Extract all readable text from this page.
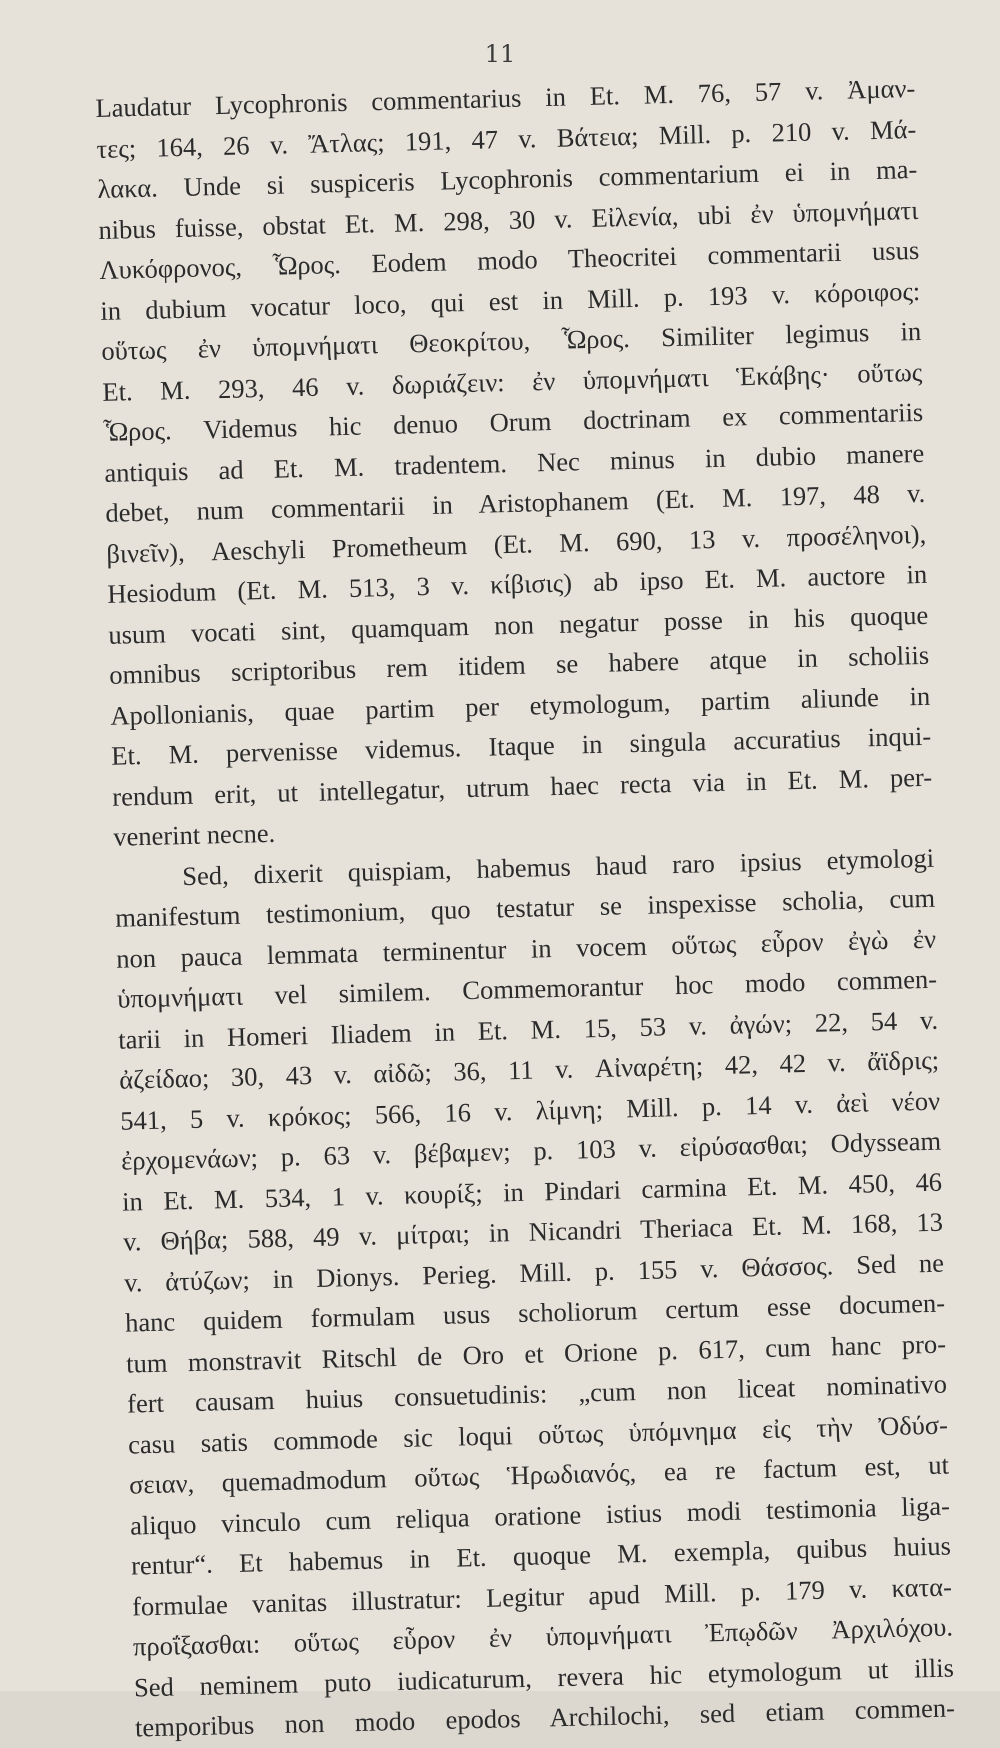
11
Laudatur Lycophronis commentarius in Et. M. 76, 57 v. Ἀμαν-
τες; 164, 26 v. Ἄτλας; 191, 47 v. Βάτεια; Mill. p. 210 v. Μά-
λακα. Unde si suspiceris Lycophronis commentarium ei in ma-
nibus fuisse, obstat Et. M. 298, 30 v. Εἰλενία, ubi ἐν ὑπομνήματι
Λυκόφρονος, Ὧρος. Eodem modo Theocritei commentarii usus
in dubium vocatur loco, qui est in Mill. p. 193 v. κόροιφος:
οὕτως ἐν ὑπομνήματι Θεοκρίτου, Ὧρος. Similiter legimus in
Et. M. 293, 46 v. δωριάζειν: ἐν ὑπομνήματι Ἑκάβης· οὕτως
Ὧρος. Videmus hic denuo Orum doctrinam ex commentariis
antiquis ad Et. M. tradentem. Nec minus in dubio manere
debet, num commentarii in Aristophanem (Et. M. 197, 48 v.
βινεῖν), Aeschyli Prometheum (Et. M. 690, 13 v. προσέληνοι),
Hesiodum (Et. M. 513, 3 v. κίβισις) ab ipso Et. M. auctore in
usum vocati sint, quamquam non negatur posse in his quoque
omnibus scriptoribus rem itidem se habere atque in scholiis
Apollonianis, quae partim per etymologum, partim aliunde in
Et. M. pervenisse videmus. Itaque in singula accuratius inqui-
rendum erit, ut intellegatur, utrum haec recta via in Et. M. per-
venerint necne.
Sed, dixerit quispiam, habemus haud raro ipsius etymologi
manifestum testimonium, quo testatur se inspexisse scholia, cum
non pauca lemmata terminentur in vocem οὕτως εὗρον ἐγὼ ἐν
ὑπομνήματι vel similem. Commemorantur hoc modo commen-
tarii in Homeri Iliadem in Et. M. 15, 53 v. ἀγών; 22, 54 v.
ἀζείδαο; 30, 43 v. αἰδῶ; 36, 11 v. Αἰναρέτη; 42, 42 v. ἄϊδρις;
541, 5 v. κρόκος; 566, 16 v. λίμνη; Mill. p. 14 v. ἀεὶ νέον
ἐρχομενάων; p. 63 v. βέβαμεν; p. 103 v. εἰρύσασθαι; Odysseam
in Et. M. 534, 1 v. κουρίξ; in Pindari carmina Et. M. 450, 46
v. Θήβα; 588, 49 v. μίτραι; in Nicandri Theriaca Et. M. 168, 13
v. ἀτύζων; in Dionys. Perieg. Mill. p. 155 v. Θάσσος. Sed ne
hanc quidem formulam usus scholiorum certum esse documen-
tum monstravit Ritschl de Oro et Orione p. 617, cum hanc pro-
fert causam huius consuetudinis: „cum non liceat nominativo
casu satis commode sic loqui οὕτως ὑπόμνημα εἰς τὴν Ὀδύσ-
σειαν, quemadmodum οὕτως Ἡρωδιανός, ea re factum est, ut
aliquo vinculo cum reliqua oratione istius modi testimonia liga-
rentur“. Et habemus in Et. quoque M. exempla, quibus huius
formulae vanitas illustratur: Legitur apud Mill. p. 179 v. κατα-
προΐξασθαι: οὕτως εὗρον ἐν ὑπομνήματι Ἐπῳδῶν Ἀρχιλόχου.
Sed neminem puto iudicaturum, revera hic etymologum ut illis
temporibus non modo epodos Archilochi, sed etiam commen-
